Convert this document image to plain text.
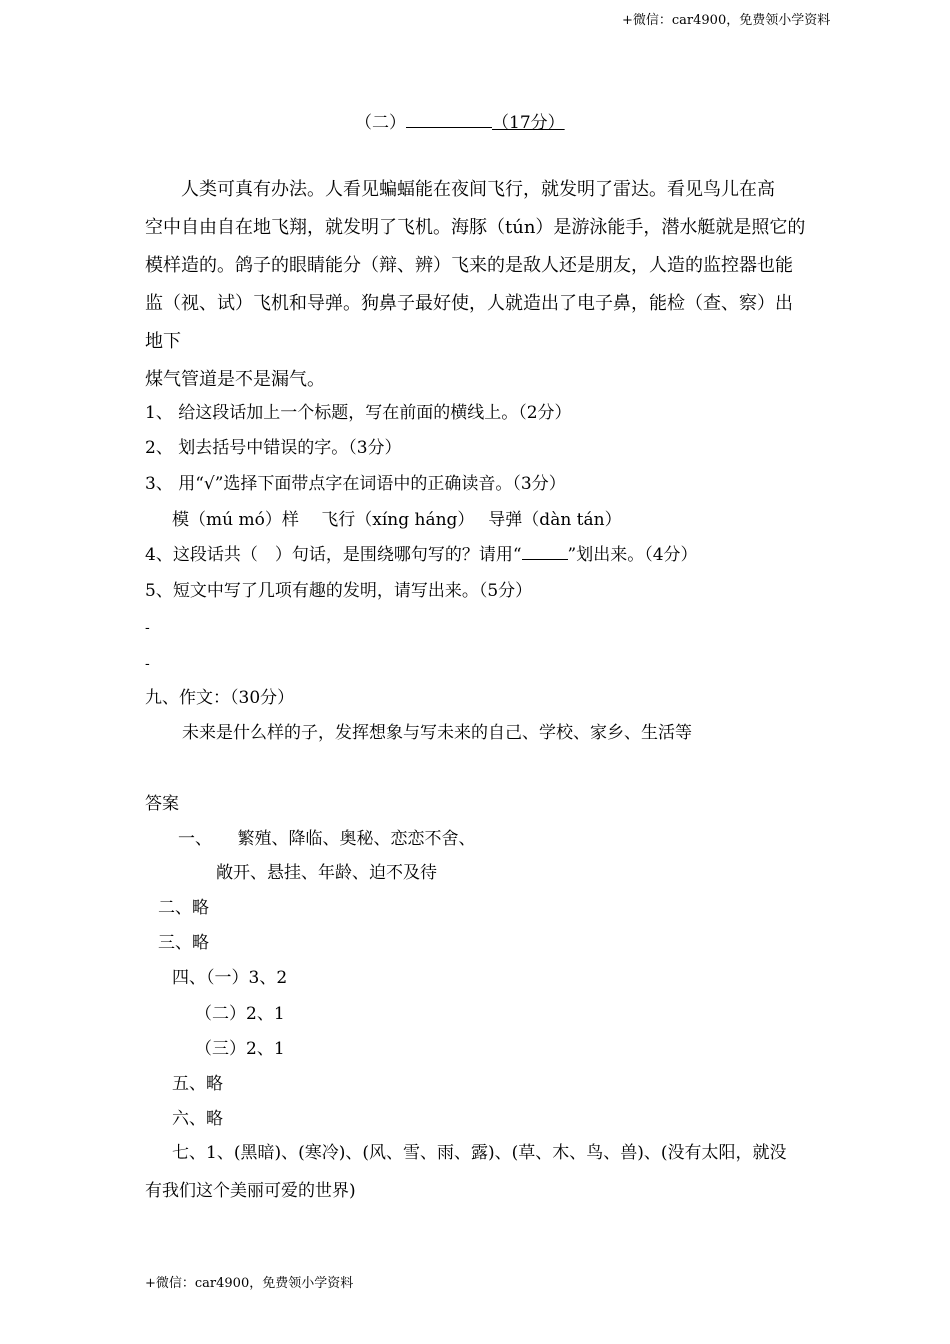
+微信：car4900，免费领小学资料
（二）	（17分）
　　人类可真有办法。人看见蝙蝠能在夜间飞行，就发明了雷达。看见鸟儿在高
空中自由自在地飞翔，就发明了飞机。海豚（tún）是游泳能手，潜水艇就是照它的
模样造的。鸽子的眼睛能分（辩、辨）飞来的是敌人还是朋友，人造的监控器也能
监（视、试）飞机和导弹。狗鼻子最好使，人就造出了电子鼻，能检（查、察）出地下
煤气管道是不是漏气。
1、 给这段话加上一个标题，写在前面的横线上。（2分）
2、 划去括号中错误的字。（3分）
3、 用“√”选择下面带点字在词语中的正确读音。（3分）
模（mú mó）样　 飞行（xíng háng）　 导弹（dàn tán）
4、这段话共（　）句话，是围绕哪句写的？请用“	”划出来。（4分）
5、短文中写了几项有趣的发明，请写出来。（5分）
-
-
九、作文：（30分）
未来是什么样的子，发挥想象与写未来的自己、学校、家乡、生活等
答案
一、　　繁殖、降临、奥秘、恋恋不舍、
敞开、悬挂、年龄、迫不及待
二、略
三、略
四、（一）3、2
（二）2、1
（三）2、1
五、略
六、略
七、1、(黑暗)、(寒冷)、(风、雪、雨、露)、(草、木、鸟、兽)、(没有太阳，就没
有我们这个美丽可爱的世界)
+微信：car4900，免费领小学资料
